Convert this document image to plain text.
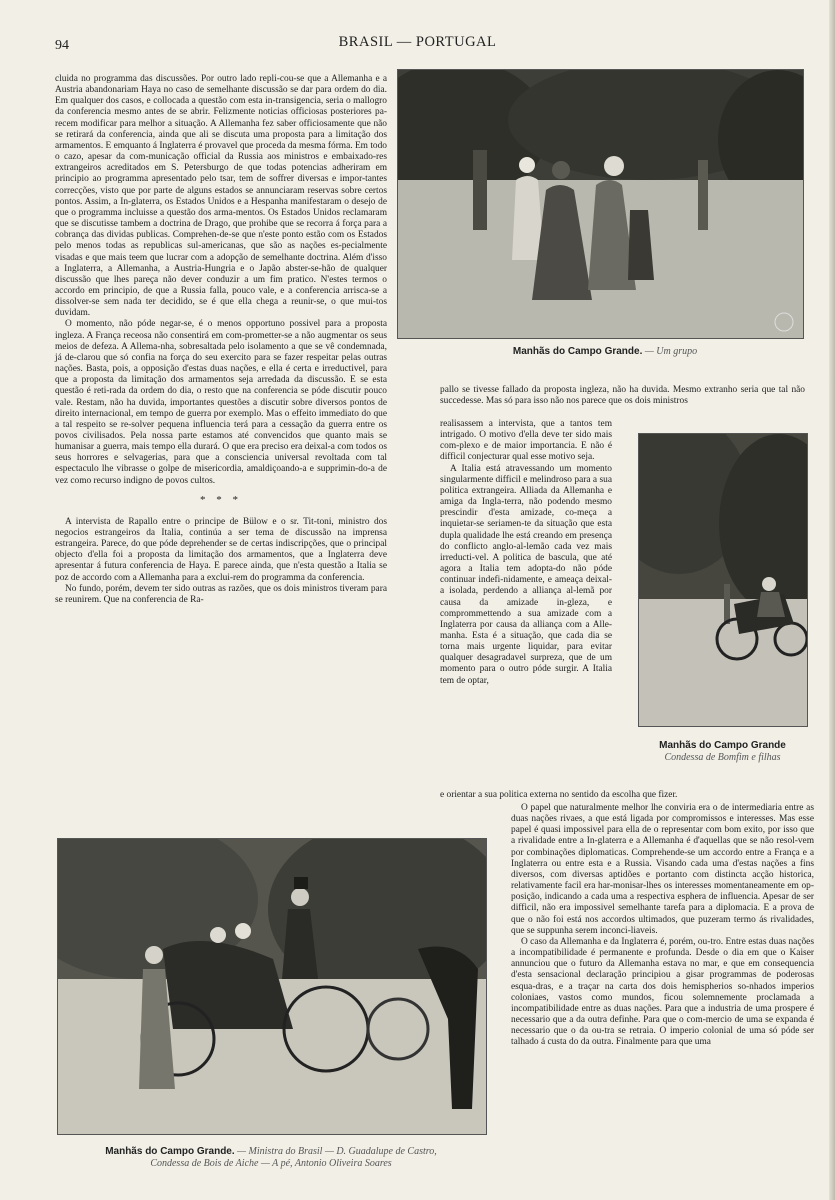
94	BRASIL — PORTUGAL

cluida no programma das discussões. Por outro lado repli-cou-se que a Allemanha e a Austria abandonariam Haya no caso de semelhante discussão se dar para ordem do dia. Em qualquer dos casos, e collocada a questão com esta in-transigencia, seria o mallogro da conferencia mesmo antes de se abrir. Felizmente noticias officiosas posteriores pa-recem modificar para melhor a situação. A Allemanha fez saber officiosamente que não se retirará da conferencia, ainda que ali se discuta uma proposta para a limitação dos armamentos. E emquanto á Inglaterra é provavel que proceda da mesma fórma. Em todo o cazo, apesar da com-municação official da Russia aos ministros e embaixado-res extrangeiros acreditados em S. Petersburgo de que todas potencias adheriram em principio ao programma apresentado pelo tsar, tem de soffrer diversas e impor-tantes correcções, visto que por parte de alguns estados se annunciaram reservas sobre certos pontos. Assim, a In-glaterra, os Estados Unidos e a Hespanha manifestaram o desejo de que o programma incluisse a questão dos arma-mentos. Os Estados Unidos reclamaram que se discutisse tambem a doctrina de Drago, que prohibe que se recorra á força para a cobrança das dividas publicas. Comprehen-de-se que n'este ponto estão com os Estados pelo menos todas as republicas sul-americanas, que são as nações es-pecialmente visadas e que mais teem que lucrar com a adopção de semelhante doctrina. Além d'isso a Inglaterra, a Allemanha, a Austria-Hungria e o Japão abster-se-hão de qualquer discussão que lhes pareça não dever conduzir a um fim pratico. N'estes termos o accordo em principio, de que a Russia falla, pouco vale, e a conferencia arrisca-se a dissolver-se sem nada ter decidido, se é que ella chega a reunir-se, o que mui-tos duvidam.

O momento, não póde negar-se, é o menos opportuno possivel para a proposta ingleza. A França receosa não consentirá em com-prometter-se a não augmentar os seus meios de defeza. A Allema-nha, sobresaltada pelo isolamento a que se vê condemnada, já de-clarou que só confia na força do seu exercito para se fazer respeitar pelas outras nações. Basta, pois, a opposição d'estas duas nações, e ella é certa e irreductivel, para que a proposta da limitação dos armamentos seja arredada da discussão. E se esta questão é reti-rada da ordem do dia, o resto que na conferencia se póde discutir pouco vale. Restam, não ha duvida, importantes questões a discutir sobre diversos pontos de direito internacional, em tempo de guerra por exemplo. Mas o effeito immediato do que a tal respeito se re-solver pequena influencia terá para a cessação da guerra entre os povos civilisados. Pela nossa parte estamos até convencidos que quanto mais se humanisar a guerra, mais tempo ella durará. O que era preciso era deixal-a com todos os seus horrores e selvagerias, para que a consciencia universal revoltada com tal espectaculo lhe vibrasse o golpe de misericordia, amaldiçoando-a e supprimin-do-a de vez como recurso indigno de povos cultos.

* * *

A intervista de Rapallo entre o principe de Bülow e o sr. Tit-toni, ministro dos negocios estrangeiros da Italia, continúa a ser tema de discussão na imprensa estrangeira. Parece, do que póde deprehender se de certas indiscripções, que o principal objecto d'ella foi a proposta da limitação dos armamentos, que a Inglaterra deve apresentar á futura conferencia de Haya. E parece ainda, que n'esta questão a Italia se poz de accordo com a Allemanha para a exclui-rem do programma da conferencia.

No fundo, porém, devem ter sido outras as razões, que os dois ministros tiveram para se reunirem. Que na conferencia de Ra-

Manhãs do Campo Grande. — Um grupo

pallo se tivesse fallado da proposta ingleza, não ha duvida. Mesmo extranho seria que tal não succedesse. Mas só para isso não nos parece que os dois ministros

realisassem a intervista, que a tantos tem intrigado. O motivo d'ella deve ter sido mais com-plexo e de maior importancia. E não é difficil conjecturar qual esse motivo seja.

A Italia está atravessando um momento singularmente difficil e melindroso para a sua politica extrangeira. Alliada da Allemanha e amiga da Ingla-terra, não podendo mesmo prescindir d'esta amizade, co-meça a inquietar-se seriamen-te da situação que esta dupla qualidade lhe está creando em presença do conflicto anglo-al-lemão cada vez mais irreducti-vel. A politica de bascula, que até agora a Italia tem adopta-do não póde continuar indefi-nidamente, e ameaça deixal-a isolada, perdendo a alliança al-lemã por causa da amizade in-gleza, e comprommettendo a sua amizade com a Inglaterra por causa da alliança com a Alle-manha. Esta é a situação, que cada dia se torna mais urgente liquidar, para evitar qualquer desagradavel surpreza, que de um momento para o outro póde surgir. A Italia tem de optar,

e orientar a sua politica externa no sentido da escolha que fizer.

Manhãs do Campo Grande
Condessa de Bomfim e filhas
Manhãs do Campo Grande. — Ministra do Brasil — D. Guadalupe de Castro,
Condessa de Bois de Aiche — A pé, Antonio Oliveira Soares

O papel que naturalmente melhor lhe conviria era o de intermediaria entre as duas nações rivaes, a que está ligada por compromissos e interesses. Mas esse papel é quasi impossivel para ella de o representar com bom exito, por isso que a rivalidade entre a In-glaterra e a Allemanha é d'aquellas que se não resol-vem por combinações diplomaticas. Comprehende-se um accordo entre a França e a Inglaterra ou entre esta e a Russia. Visando cada uma d'estas nações a fins diversos, com diversas aptidões e portanto com distincta acção historica, relativamente facil era har-monisar-lhes os interesses momentaneamente em op-posição, indicando a cada uma a respectiva esphera de influencia. Apesar de ser difficil, não era impossivel semelhante tarefa para a diplomacia. E a prova de que o não foi está nos accordos ultimados, que puzeram termo ás rivalidades, que se suppunha serem inconci-liaveis.

O caso da Allemanha e da Inglaterra é, porém, ou-tro. Entre estas duas nações a incompatibilidade é permanente e profunda. Desde o dia em que o Kaiser annunciou que o futuro da Allemanha estava no mar, e que em consequencia d'esta sensacional declaração principiou a gisar programmas de poderosas esqua-dras, e a traçar na carta dos dois hemispherios so-nhados imperios coloniaes, vastos como mundos, ficou solemnemente proclamada a incompatibilidade entre as duas nações. Para que a industria de uma prospere é necessario que a da outra definhe. Para que o com-mercio de uma se expanda é necessario que o da ou-tra se retraia. O imperio colonial de uma só póde ser talhado á custa do da outra. Finalmente para que uma
